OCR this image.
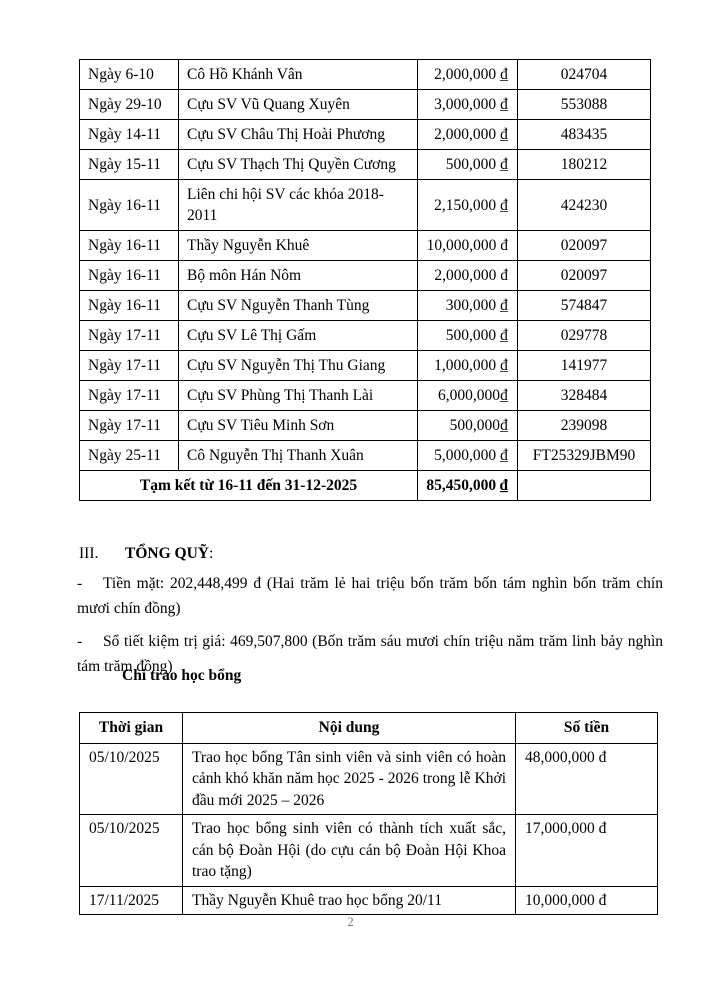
Ngày 6-10	Cô Hồ Khánh Vân	2,000,000 ₫	024704
Ngày 29-10	Cựu SV Vũ Quang Xuyên	3,000,000 ₫	553088
Ngày 14-11	Cựu SV Châu Thị Hoài Phương	2,000,000 ₫	483435
Ngày 15-11	Cựu SV Thạch Thị Quyền Cương	500,000 ₫	180212
Ngày 16-11	Liên chi hội SV các khóa 2018-2011	2,150,000 ₫	424230
Ngày 16-11	Thầy Nguyễn Khuê	10,000,000 đ	020097
Ngày 16-11	Bộ môn Hán Nôm	2,000,000 đ	020097
Ngày 16-11	Cựu SV Nguyễn Thanh Tùng	300,000 ₫	574847
Ngày 17-11	Cựu SV Lê Thị Gấm	500,000 ₫	029778
Ngày 17-11	Cựu SV Nguyễn Thị Thu Giang	1,000,000 ₫	141977
Ngày 17-11	Cựu SV Phùng Thị Thanh Lài	6,000,000₫	328484
Ngày 17-11	Cựu SV Tiêu Minh Sơn	500,000₫	239098
Ngày 25-11	Cô Nguyễn Thị Thanh Xuân	5,000,000 ₫	FT25329JBM90
Tạm kết từ 16-11 đến 31-12-2025		85,450,000 ₫	
III. TỔNG QUỸ:

- Tiền mặt: 202,448,499 đ (Hai trăm lẻ hai triệu bốn trăm bốn tám nghìn bốn trăm chín mươi chín đồng)

- Sổ tiết kiệm trị giá: 469,507,800 (Bốn trăm sáu mươi chín triệu năm trăm linh bảy nghìn tám trăm đồng)

Chi trao học bổng
Thời gian	Nội dung	Số tiền
05/10/2025	Trao học bổng Tân sinh viên và sinh viên có hoàn cảnh khó khăn năm học 2025 - 2026 trong lễ Khởi đầu mới 2025 – 2026	48,000,000 đ
05/10/2025	Trao học bổng sinh viên có thành tích xuất sắc, cán bộ Đoàn Hội (do cựu cán bộ Đoàn Hội Khoa trao tặng)	17,000,000 đ
17/11/2025	Thầy Nguyễn Khuê trao học bổng 20/11	10,000,000 đ
2
